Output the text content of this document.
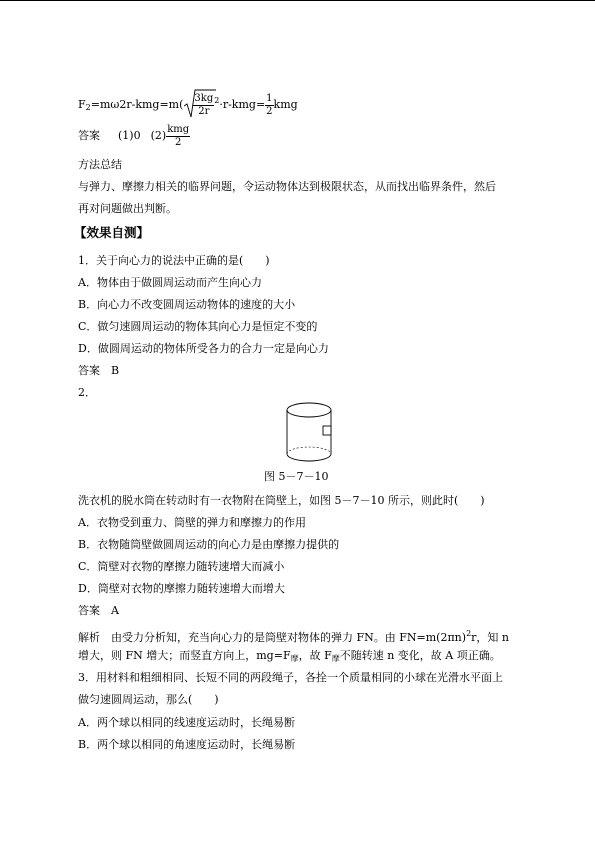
$F_2=m\omega 2r-kmg=m( \frac{3kg}{2r} ^2\cdot r-kmg= \frac{1}{2}$ kmg
答案 (1)0 $(2) \frac{\text{kmg}}{2}$
方法总结
与弹力、摩擦力相关的临界问题，令运动物体达到极限状态，从而找出临界条件，然后
再对问题做出判断。
【效果自测】
1．关于向心力的说法中正确的是(　　)
A．物体由于做圆周运动而产生向心力
B．向心力不改变圆周运动物体的速度的大小
C．做匀速圆周运动的物体其向心力是恒定不变的
D．做圆周运动的物体所受各力的合力一定是向心力
答案　B
2．
图 5－7－10
洗衣机的脱水筒在转动时有一衣物附在筒壁上，如图 5－7－10 所示，则此时(　　)
A．衣物受到重力、筒壁的弹力和摩擦力的作用
B．衣物随筒壁做圆周运动的向心力是由摩擦力提供的
C．筒壁对衣物的摩擦力随转速增大而减小
D．筒壁对衣物的摩擦力随转速增大而增大
答案　A
解析　由受力分析知，充当向心力的是筒壁对物体的弹力 FN。由 $FN=m(2\pi n)^2r$，知 n
增大，则 FN 增大；而竖直方向上，$mg=F_摩$，故 $F_摩$不随转速 n 变化，故 A 项正确。
3．用材料和粗细相同、长短不同的两段绳子，各拴一个质量相同的小球在光滑水平面上
做匀速圆周运动，那么(　　)
A．两个球以相同的线速度运动时，长绳易断
B．两个球以相同的角速度运动时，长绳易断
